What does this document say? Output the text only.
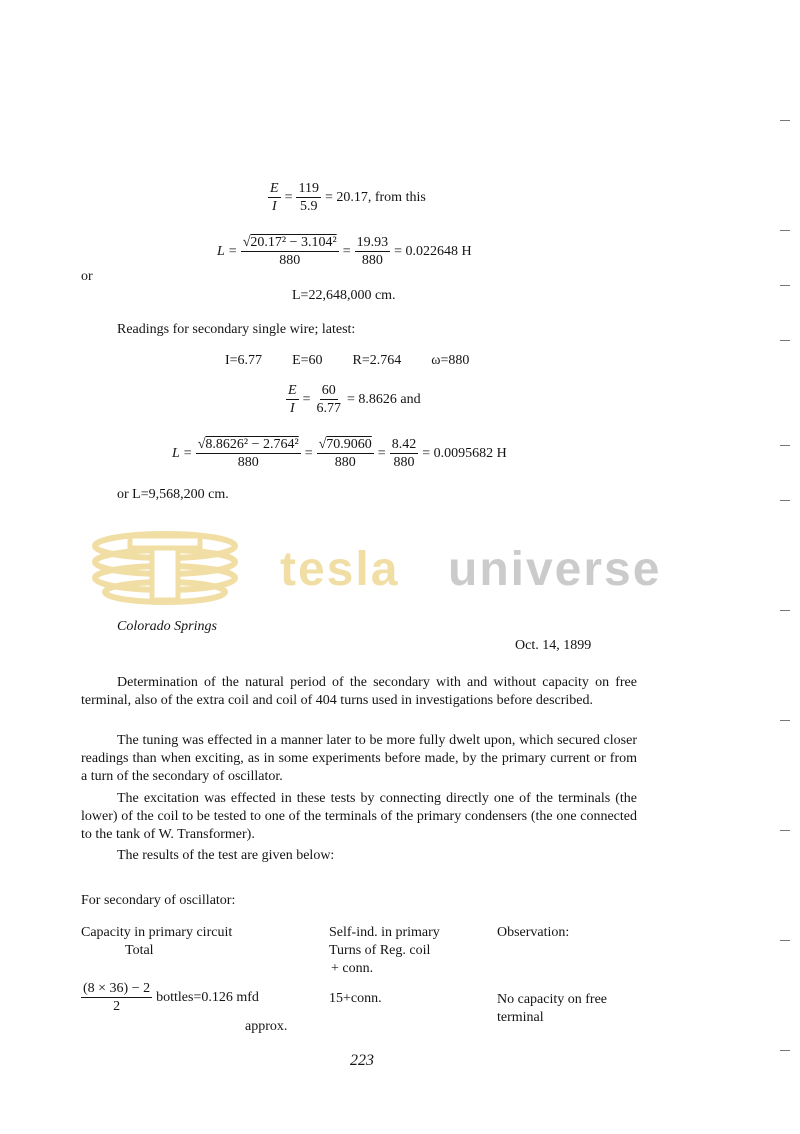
$\frac{E}{I} = \frac{119}{5.9} = 20.17$, from this
L = √ $\frac{\text{20.17² − 3.104²}}{880} = \frac{19.93}{880} = 0.022648$ H
or
L=22,648,000 cm.
Readings for secondary single wire; latest:
I=6.77 E=60 R=2.764 ω=880
$\frac{E}{I} = \frac{60}{6.77} = 8.8626$ and
L = √ $\frac{\text{8.8626² − 2.764²}}{880}$ = √ $\frac{70.9060}{880} = \frac{8.42}{880} = 0.0095682$ H
or L=9,568,200 cm.
tesla universe
Colorado Springs
Oct. 14, 1899
Determination of the natural period of the secondary with and without capacity on free terminal, also of the extra coil and coil of 404 turns used in investigations before described.
The tuning was effected in a manner later to be more fully dwelt upon, which secured closer readings than when exciting, as in some experiments before made, by the primary current or from a turn of the secondary of oscillator.
The excitation was effected in these tests by connecting directly one of the terminals (the lower) of the coil to be tested to one of the terminals of the primary condensers (the one connected to the tank of W. Transformer).
The results of the test are given below:
For secondary of oscillator:
Capacity in primary circuit
Total
Self-ind. in primary
Turns of Reg. coil
+ conn.
Observation:
$\frac{(8 \times 36) - 2}{2}$ bottles=0.126 mfd
approx.
15+conn.	No capacity on free
terminal
223
